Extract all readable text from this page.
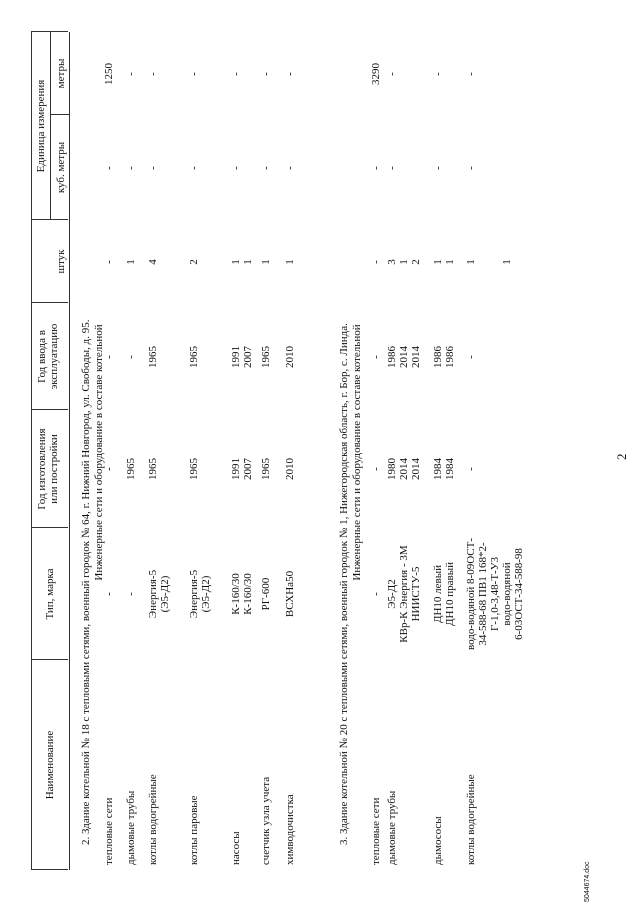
2
5044674.doc
Наименование
Тип, марка
Год изготовления или постройки
Год ввода в эксплуатацию
Единица измерения
штук
куб. метры
метры
2. Здание котельной № 18 с тепловыми сетями, военный городок № 64, г. Нижний Новгород, ул. Свободы, д. 95. Инженерные сети и оборудование в составе котельной
тепловые сети
-
-
-
-
-
1250
дымовые трубы
-
1965
-
1
-
-
котлы водогрейные
Энергия-5 (Э5-Д2)
1965
1965
4
-
-
котлы паровые
Энергия-5 (Э5-Д2)
1965
1965
2
-
-
насосы
К-160/30 К-160/30
1991 2007
1991 2007
1 1
-
-
счетчик узла учета
РГ-600
1965
1965
1
-
-
химводочистка
ВСХНа50
2010
2010
1
-
-
3. Здание котельной № 20 с тепловыми сетями, военный городок № 1, Нижегородская область, г. Бор, с. Линда. Инженерные сети и оборудование в составе котельной
тепловые сети
-
-
-
-
-
3290
дымовые трубы
Э5-Д2 КВр-К Энергия - 3М НИИСТУ-5
1980 2014 2014
1986 2014 2014
3 1 2
-
-
дымососы
ДН10 левый ДН10 правый
1984 1984
1986 1986
1 1
-
-
котлы водогрейные
водо-водяной 8-09ОСТ- 34-588-68 ПВ1 168*2- Г-1,0-3,48-Т-У3 водо-водяной 6-03ОСТ-34-588-98
-
-
1 1
-
-
